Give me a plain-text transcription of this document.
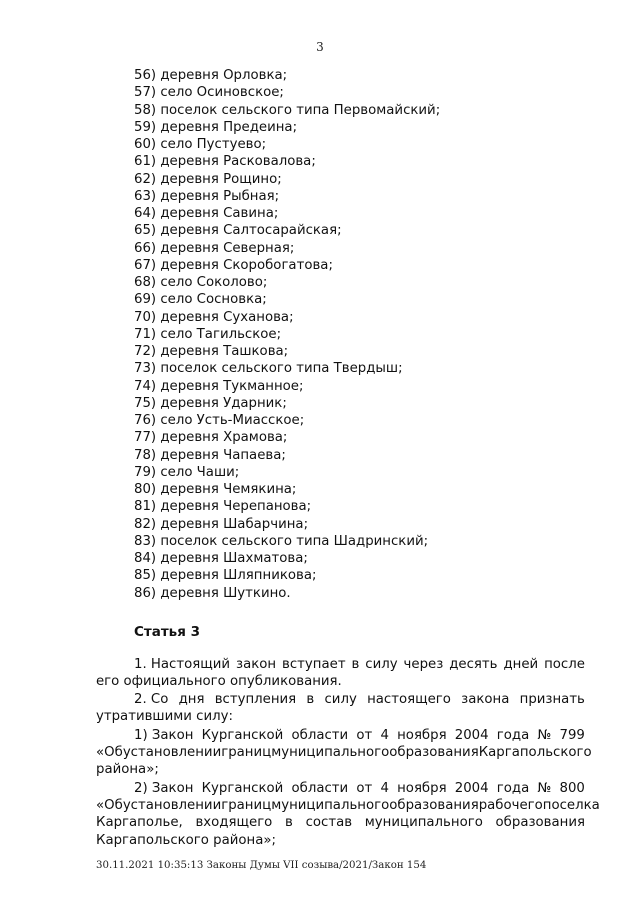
3
56) деревня Орловка;
57) село Осиновское;
58) поселок сельского типа Первомайский;
59) деревня Предеина;
60) село Пустуево;
61) деревня Расковалова;
62) деревня Рощино;
63) деревня Рыбная;
64) деревня Савина;
65) деревня Салтосарайская;
66) деревня Северная;
67) деревня Скоробогатова;
68) село Соколово;
69) село Сосновка;
70) деревня Суханова;
71) село Тагильское;
72) деревня Ташкова;
73) поселок сельского типа Твердыш;
74) деревня Тукманное;
75) деревня Ударник;
76) село Усть-Миасское;
77) деревня Храмова;
78) деревня Чапаева;
79) село Чаши;
80) деревня Чемякина;
81) деревня Черепанова;
82) деревня Шабарчина;
83) поселок сельского типа Шадринский;
84) деревня Шахматова;
85) деревня Шляпникова;
86) деревня Шуткино.
Статья 3
1. Настоящий закон вступает в силу через десять дней после
его официального опубликования.
2. Со дня вступления в силу настоящего закона признать
утратившими силу:
1) Закон Курганской области от 4 ноября 2004 года № 799
«Об установлении границ муниципального образования Каргапольского
района»;
2) Закон Курганской области от 4 ноября 2004 года № 800
«Об установлении границ муниципального образования рабочего поселка
Каргаполье, входящего в состав муниципального образования
Каргапольского района»;
30.11.2021 10:35:13 Законы Думы VII созыва/2021/Закон 154
